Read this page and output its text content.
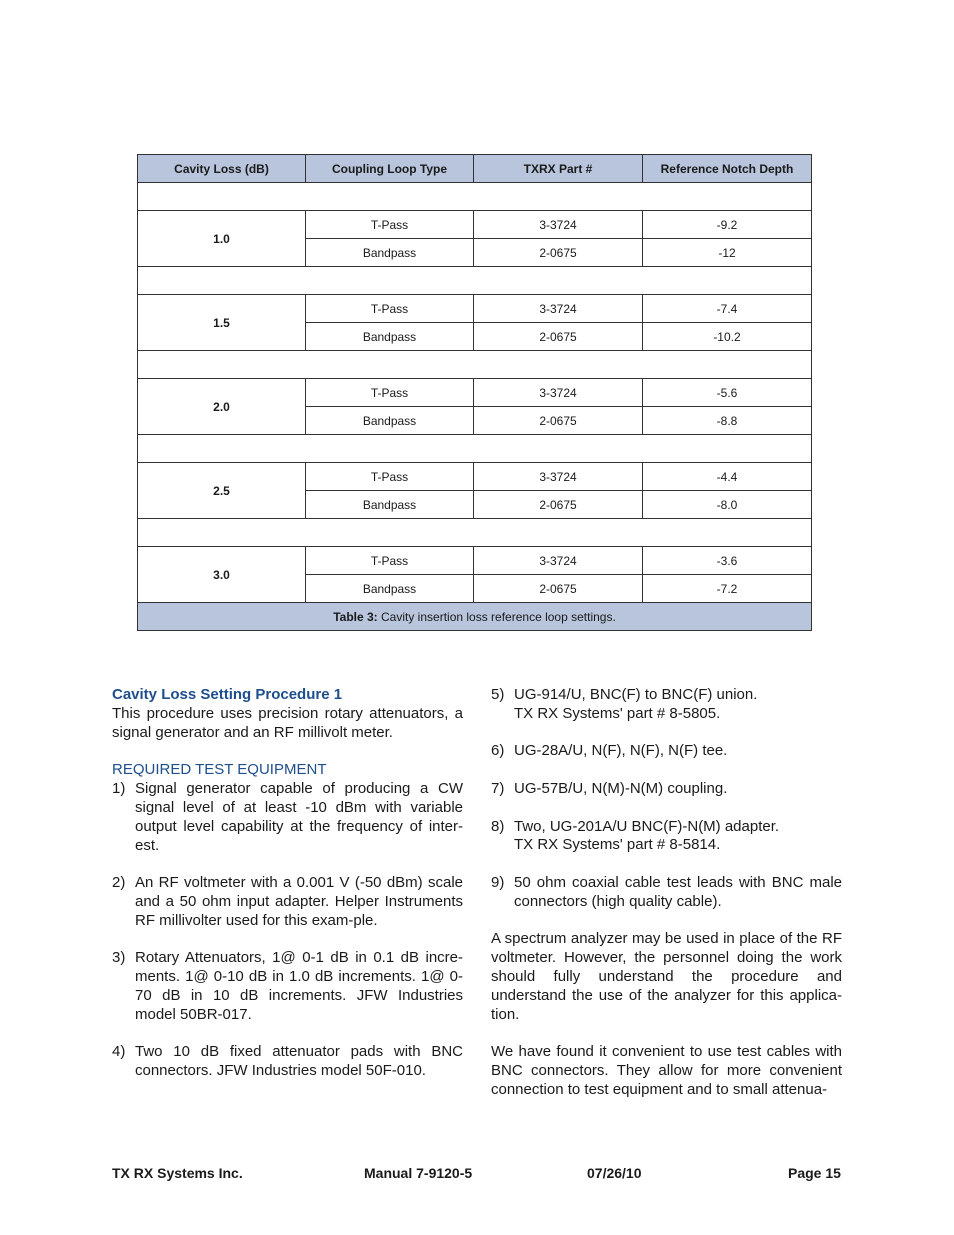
Cavity Loss (dB)	Coupling Loop Type	TXRX Part #	Reference Notch Depth

1.0	T-Pass	3-3724	-9.2
	Bandpass	2-0675	-12

1.5	T-Pass	3-3724	-7.4
	Bandpass	2-0675	-10.2

2.0	T-Pass	3-3724	-5.6
	Bandpass	2-0675	-8.8

2.5	T-Pass	3-3724	-4.4
	Bandpass	2-0675	-8.0

3.0	T-Pass	3-3724	-3.6
	Bandpass	2-0675	-7.2
Table 3: Cavity insertion loss reference loop settings.			
Cavity Loss Setting Procedure 1
This procedure uses precision rotary attenuators, a signal generator and an RF millivolt meter.
REQUIRED TEST EQUIPMENT
1) Signal generator capable of producing a CW signal level of at least -10 dBm with variable output level capability at the frequency of inter-est.
2) An RF voltmeter with a 0.001 V (-50 dBm) scale and a 50 ohm input adapter. Helper Instruments RF millivolter used for this exam-ple.
3) Rotary Attenuators, 1@ 0-1 dB in 0.1 dB incre-ments. 1@ 0-10 dB in 1.0 dB increments. 1@ 0-70 dB in 10 dB increments. JFW Industries model 50BR-017.
4) Two 10 dB fixed attenuator pads with BNC connectors. JFW Industries model 50F-010.
5) UG-914/U, BNC(F) to BNC(F) union.
TX RX Systems' part # 8-5805.
6) UG-28A/U, N(F), N(F), N(F) tee.
7) UG-57B/U, N(M)-N(M) coupling.
8) Two, UG-201A/U BNC(F)-N(M) adapter.
TX RX Systems' part # 8-5814.
9) 50 ohm coaxial cable test leads with BNC male connectors (high quality cable).
A spectrum analyzer may be used in place of the RF voltmeter. However, the personnel doing the work should fully understand the procedure and understand the use of the analyzer for this applica-tion.
We have found it convenient to use test cables with BNC connectors. They allow for more convenient connection to test equipment and to small attenua-
TX RX Systems Inc.	Manual 7-9120-5	07/26/10	Page 15
